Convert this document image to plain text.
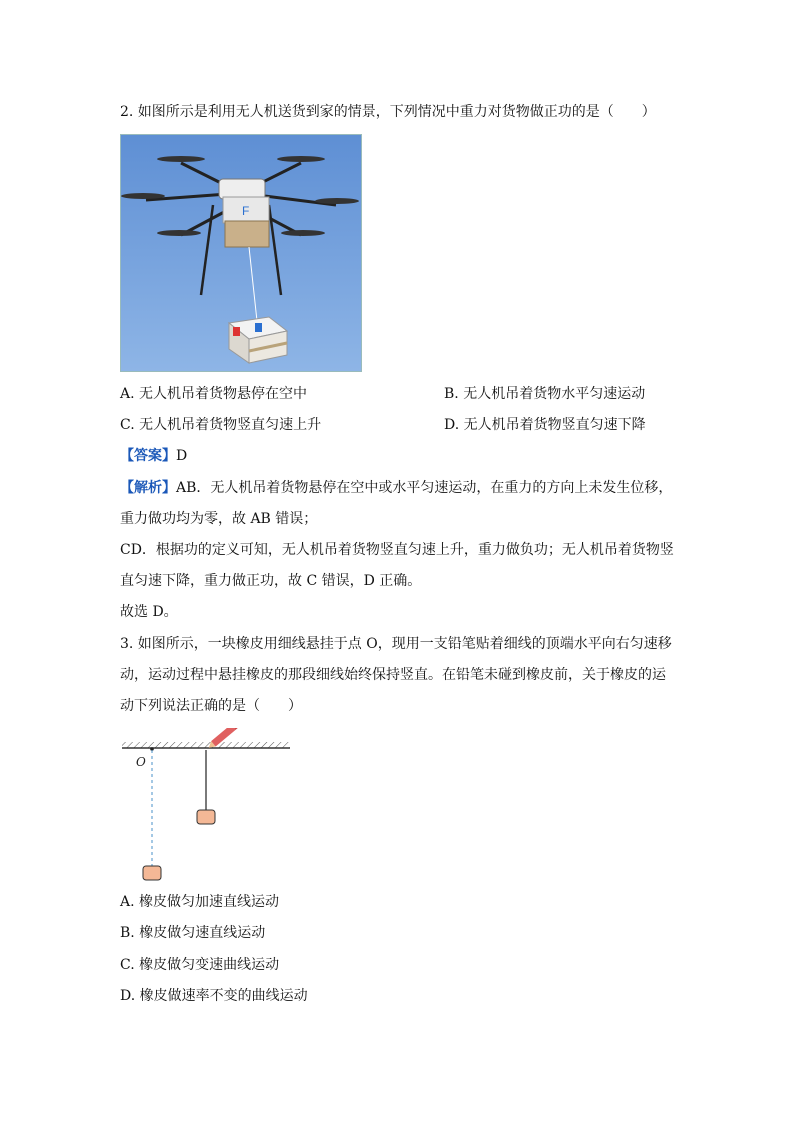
2. 如图所示是利用无人机送货到家的情景，下列情况中重力对货物做正功的是（　　）
F
A. 无人机吊着货物悬停在空中	B. 无人机吊着货物水平匀速运动
C. 无人机吊着货物竖直匀速上升	D. 无人机吊着货物竖直匀速下降
【答案】D
【解析】AB．无人机吊着货物悬停在空中或水平匀速运动，在重力的方向上未发生位移，
重力做功均为零，故 AB 错误；
CD．根据功的定义可知，无人机吊着货物竖直匀速上升，重力做负功；无人机吊着货物竖
直匀速下降，重力做正功，故 C 错误，D 正确。
故选 D。
3. 如图所示，一块橡皮用细线悬挂于点 O，现用一支铅笔贴着细线的顶端水平向右匀速移
动，运动过程中悬挂橡皮的那段细线始终保持竖直。在铅笔未碰到橡皮前，关于橡皮的运
动下列说法正确的是（　　）
O
A. 橡皮做匀加速直线运动
B. 橡皮做匀速直线运动
C. 橡皮做匀变速曲线运动
D. 橡皮做速率不变的曲线运动
